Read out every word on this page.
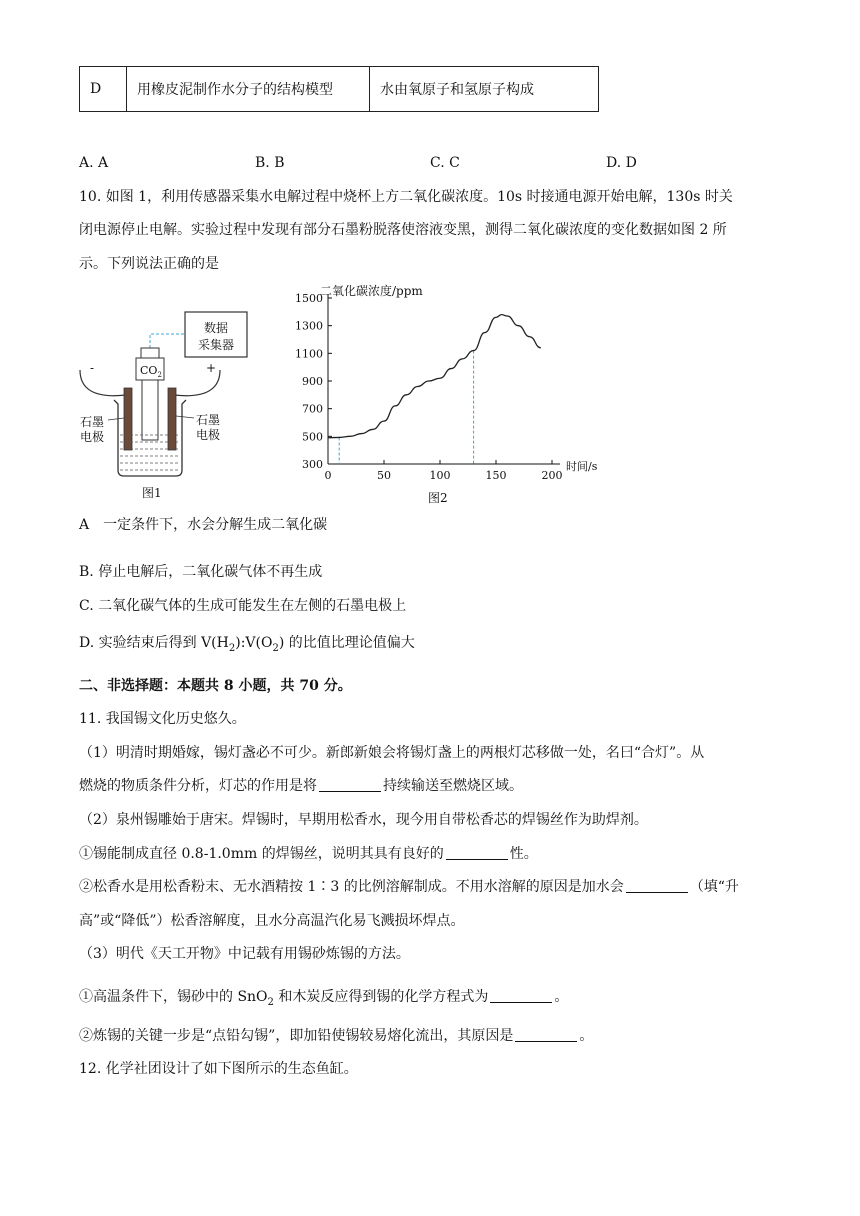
D	用橡皮泥制作水分子的结构模型	水由氧原子和氢原子构成
A. A	B. B	C. C	D. D
10. 如图 1，利用传感器采集水电解过程中烧杯上方二氧化碳浓度。10s 时接通电源开始电解，130s 时关
闭电源停止电解。实验过程中发现有部分石墨粉脱落使溶液变黑，测得二氧化碳浓度的变化数据如图 2 所
示。下列说法正确的是
数据
采集器
$CO_2$
-	+
石墨
电极
石墨
电极
图1
0	50	100	150	200
300
500
700
900
1100
1300
1500
二氧化碳浓度/ppm
时间/s
图2
A　一定条件下，水会分解生成二氧化碳
B. 停止电解后，二氧化碳气体不再生成
C. 二氧化碳气体的生成可能发生在左侧的石墨电极上
D. 实验结束后得到 $V(H_2):V(O_2)$ 的比值比理论值偏大
二、非选择题：本题共 8 小题，共 70 分。
11. 我国锡文化历史悠久。
（1）明清时期婚嫁，锡灯盏必不可少。新郎新娘会将锡灯盏上的两根灯芯移做一处，名曰“合灯”。从
燃烧的物质条件分析，灯芯的作用是将	持续输送至燃烧区域。
（2）泉州锡雕始于唐宋。焊锡时，早期用松香水，现今用自带松香芯的焊锡丝作为助焊剂。
①锡能制成直径 0.8-1.0mm 的焊锡丝，说明其具有良好的	性。
②松香水是用松香粉末、无水酒精按 1∶3 的比例溶解制成。不用水溶解的原因是加水会	（填“升
高”或“降低”）松香溶解度，且水分高温汽化易飞溅损坏焊点。
（3）明代《天工开物》中记载有用锡砂炼锡的方法。
①高温条件下，锡砂中的 SnO$_2$ 和木炭反应得到锡的化学方程式为	。
②炼锡的关键一步是“点铅勾锡”，即加铅使锡较易熔化流出，其原因是	。
12. 化学社团设计了如下图所示的生态鱼缸。
